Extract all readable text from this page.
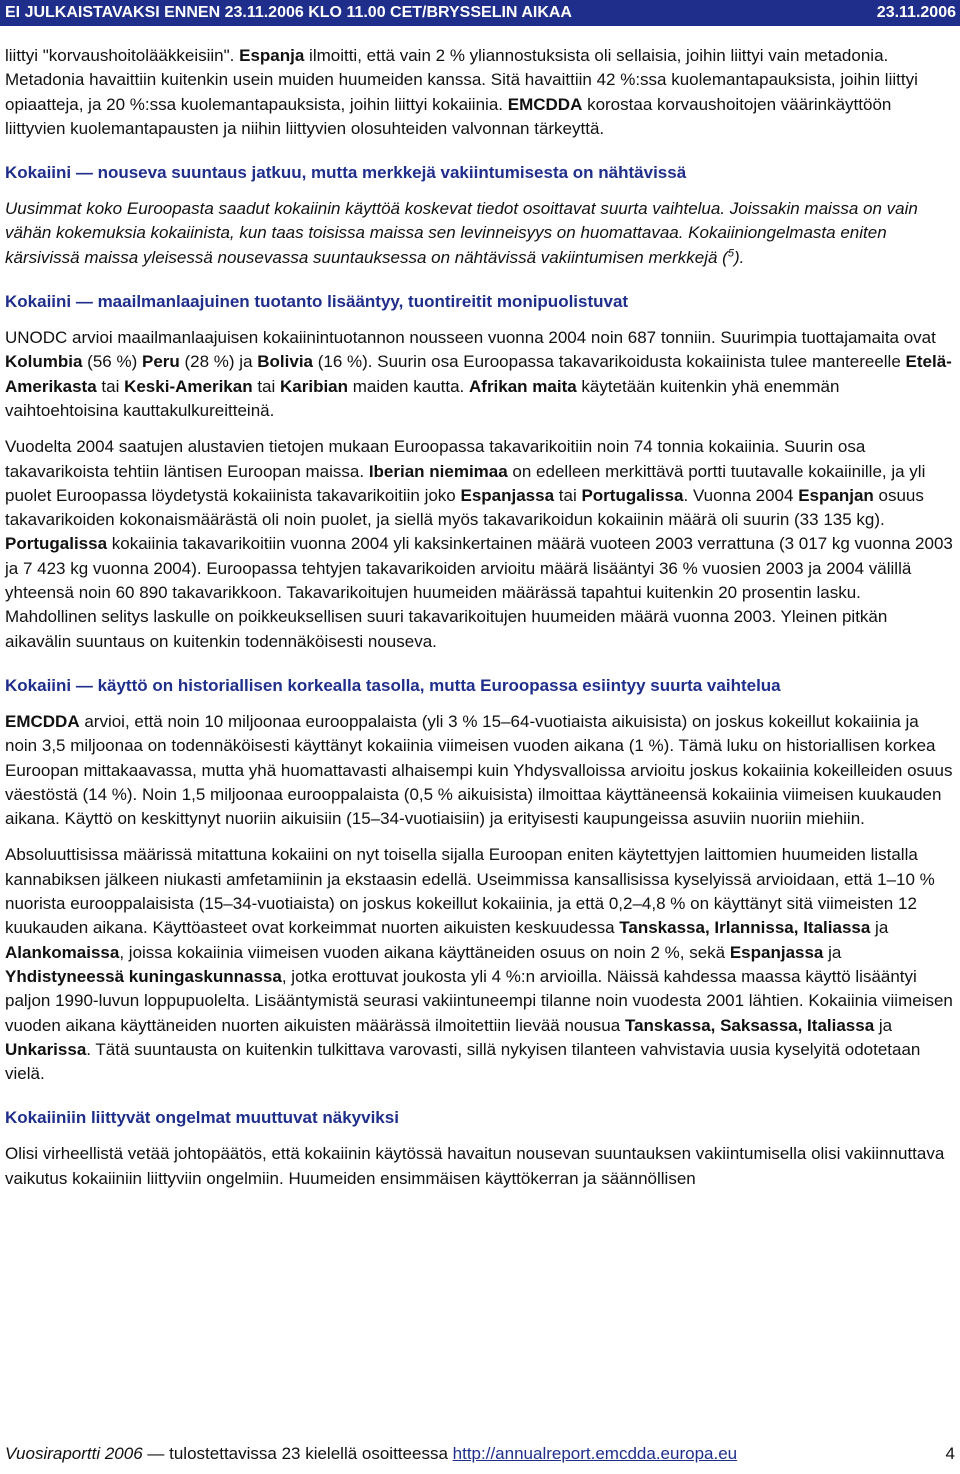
EI JULKAISTAVAKSI ENNEN 23.11.2006 KLO 11.00 CET/BRYSSELIN AIKAA	23.11.2006

liittyi "korvaushoitolääkkeisiin". Espanja ilmoitti, että vain 2 % yliannostuksista oli sellaisia, joihin liittyi vain metadonia. Metadonia havaittiin kuitenkin usein muiden huumeiden kanssa. Sitä havaittiin 42 %:ssa kuolemantapauksista, joihin liittyi opiaatteja, ja 20 %:ssa kuolemantapauksista, joihin liittyi kokaiinia. EMCDDA korostaa korvaushoitojen väärinkäyttöön liittyvien kuolemantapausten ja niihin liittyvien olosuhteiden valvonnan tärkeyttä.

Kokaiini — nouseva suuntaus jatkuu, mutta merkkejä vakiintumisesta on nähtävissä

Uusimmat koko Euroopasta saadut kokaiinin käyttöä koskevat tiedot osoittavat suurta vaihtelua. Joissakin maissa on vain vähän kokemuksia kokaiinista, kun taas toisissa maissa sen levinneisyys on huomattavaa. Kokaiiniongelmasta eniten kärsivissä maissa yleisessä nousevassa suuntauksessa on nähtävissä vakiintumisen merkkejä ($^5$).

Kokaiini — maailmanlaajuinen tuotanto lisääntyy, tuontireitit monipuolistuvat

UNODC arvioi maailmanlaajuisen kokaiinintuotannon nousseen vuonna 2004 noin 687 tonniin. Suurimpia tuottajamaita ovat Kolumbia (56 %) Peru (28 %) ja Bolivia (16 %). Suurin osa Euroopassa takavarikoidusta kokaiinista tulee mantereelle Etelä-Amerikasta tai Keski-Amerikan tai Karibian maiden kautta. Afrikan maita käytetään kuitenkin yhä enemmän vaihtoehtoisina kauttakulkureitteinä.

Vuodelta 2004 saatujen alustavien tietojen mukaan Euroopassa takavarikoitiin noin 74 tonnia kokaiinia. Suurin osa takavarikoista tehtiin läntisen Euroopan maissa. Iberian niemimaa on edelleen merkittävä portti tuutavalle kokaiinille, ja yli puolet Euroopassa löydetystä kokaiinista takavarikoitiin joko Espanjassa tai Portugalissa. Vuonna 2004 Espanjan osuus takavarikoiden kokonaismäärästä oli noin puolet, ja siellä myös takavarikoidun kokaiinin määrä oli suurin (33 135 kg). Portugalissa kokaiinia takavarikoitiin vuonna 2004 yli kaksinkertainen määrä vuoteen 2003 verrattuna (3 017 kg vuonna 2003 ja 7 423 kg vuonna 2004). Euroopassa tehtyjen takavarikoiden arvioitu määrä lisääntyi 36 % vuosien 2003 ja 2004 välillä yhteensä noin 60 890 takavarikkoon. Takavarikoitujen huumeiden määrässä tapahtui kuitenkin 20 prosentin lasku. Mahdollinen selitys laskulle on poikkeuksellisen suuri takavarikoitujen huumeiden määrä vuonna 2003. Yleinen pitkän aikavälin suuntaus on kuitenkin todennäköisesti nouseva.

Kokaiini — käyttö on historiallisen korkealla tasolla, mutta Euroopassa esiintyy suurta vaihtelua

EMCDDA arvioi, että noin 10 miljoonaa eurooppalaista (yli 3 % 15–64-vuotiaista aikuisista) on joskus kokeillut kokaiinia ja noin 3,5 miljoonaa on todennäköisesti käyttänyt kokaiinia viimeisen vuoden aikana (1 %). Tämä luku on historiallisen korkea Euroopan mittakaavassa, mutta yhä huomattavasti alhaisempi kuin Yhdysvalloissa arvioitu joskus kokaiinia kokeilleiden osuus väestöstä (14 %). Noin 1,5 miljoonaa eurooppalaista (0,5 % aikuisista) ilmoittaa käyttäneensä kokaiinia viimeisen kuukauden aikana. Käyttö on keskittynyt nuoriin aikuisiin (15–34-vuotiaisiin) ja erityisesti kaupungeissa asuviin nuoriin miehiin.

Absoluuttisissa määrissä mitattuna kokaiini on nyt toisella sijalla Euroopan eniten käytettyjen laittomien huumeiden listalla kannabiksen jälkeen niukasti amfetamiinin ja ekstaasin edellä. Useimmissa kansallisissa kyselyissä arvioidaan, että 1–10 % nuorista eurooppalaisista (15–34-vuotiaista) on joskus kokeillut kokaiinia, ja että 0,2–4,8 % on käyttänyt sitä viimeisten 12 kuukauden aikana. Käyttöasteet ovat korkeimmat nuorten aikuisten keskuudessa Tanskassa, Irlannissa, Italiassa ja Alankomaissa, joissa kokaiinia viimeisen vuoden aikana käyttäneiden osuus on noin 2 %, sekä Espanjassa ja Yhdistyneessä kuningaskunnassa, jotka erottuvat joukosta yli 4 %:n arvioilla. Näissä kahdessa maassa käyttö lisääntyi paljon 1990-luvun loppupuolelta. Lisääntymistä seurasi vakiintuneempi tilanne noin vuodesta 2001 lähtien. Kokaiinia viimeisen vuoden aikana käyttäneiden nuorten aikuisten määrässä ilmoitettiin lievää nousua Tanskassa, Saksassa, Italiassa ja Unkarissa. Tätä suuntausta on kuitenkin tulkittava varovasti, sillä nykyisen tilanteen vahvistavia uusia kyselyitä odotetaan vielä.

Kokaiiniin liittyvät ongelmat muuttuvat näkyviksi

Olisi virheellistä vetää johtopäätös, että kokaiinin käytössä havaitun nousevan suuntauksen vakiintumisella olisi vakiinnuttava vaikutus kokaiiniin liittyviin ongelmiin. Huumeiden ensimmäisen käyttökerran ja säännöllisen

Vuosiraportti 2006 — tulostettavissa 23 kielellä osoitteessa http://annualreport.emcdda.europa.eu	4
